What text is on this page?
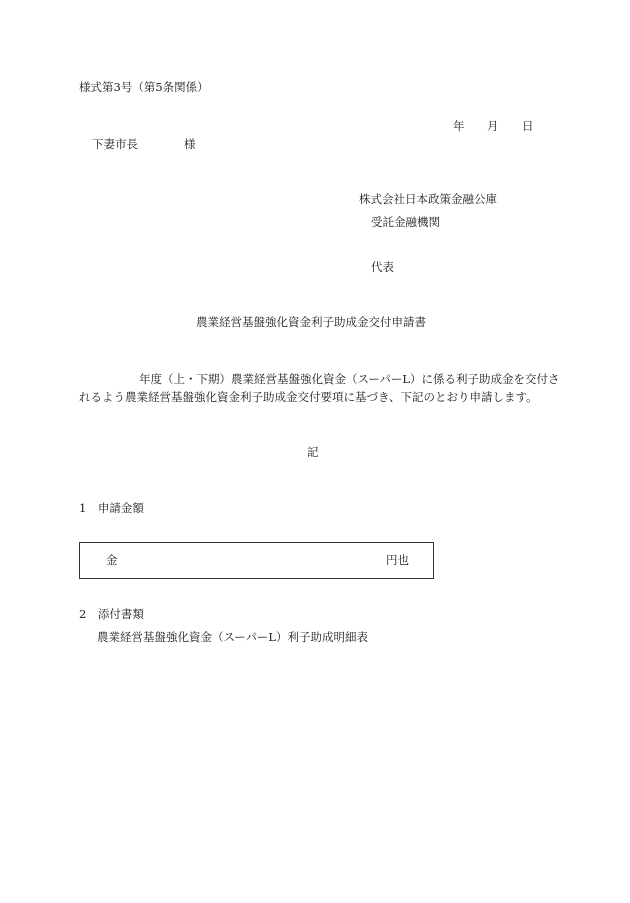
様式第3号（第5条関係）
年 月 日
下妻市長	様
株式会社日本政策金融公庫
受託金融機関
代表
農業経営基盤強化資金利子助成金交付申請書
年度（上・下期）農業経営基盤強化資金（スーパーL）に係る利子助成金を交付さ
れるよう農業経営基盤強化資金利子助成金交付要項に基づき、下記のとおり申請します。
記
1　申請金額
金	円也
2　添付書類
農業経営基盤強化資金（スーパーL）利子助成明細表
